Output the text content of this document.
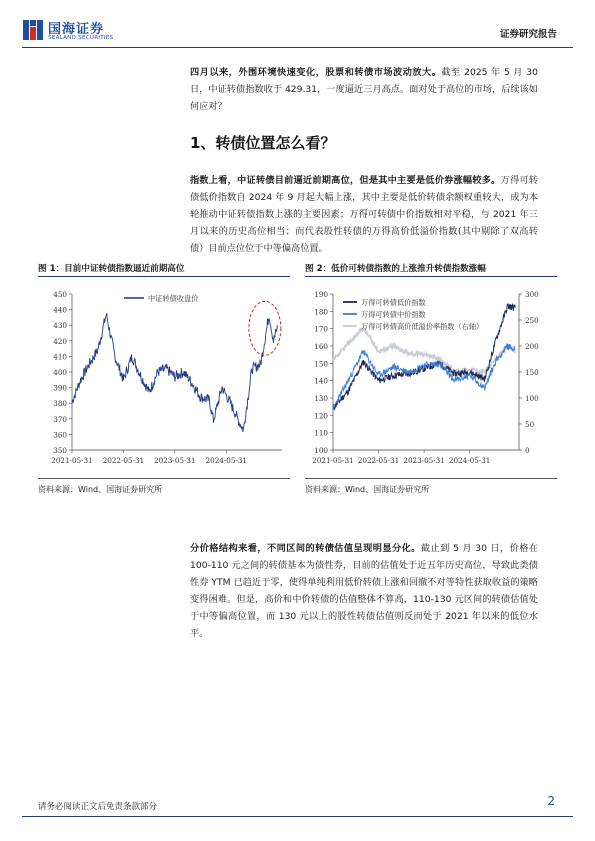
国海证券
SEALAND SECURITIES	证券研究报告
四月以来，外围环境快速变化，股票和转债市场波动放大。截至 2025 年 5 月 30 日，中证转债指数收于 429.31，一度逼近三月高点。面对处于高位的市场，后续该如何应对？
1、转债位置怎么看？
指数上看，中证转债目前逼近前期高位，但是其中主要是低价券涨幅较多。万得可转债低价指数自 2024 年 9 月起大幅上涨，其中主要是低价转债余额权重较大，成为本轮推动中证转债指数上涨的主要因素；万得可转债中价指数相对平稳，与 2021 年三月以来的历史高位相当；而代表股性转债的万得高价低溢价指数(其中剔除了双高转债）目前点位位于中等偏高位置。
图 1：目前中证转债指数逼近前期高位	图 2：低价可转债指数的上涨推升转债指数涨幅
450
440
430
420
410
400
390
380
370
360
350
2021-05-31 2022-05-31 2023-05-31 2024-05-31
中证转债收盘价	190
180
170
160
150
140
130
120
110
100
300
250
200
150
100
50
0
2021-05-31 2022-05-31 2023-05-31 2024-05-31
万得可转债低价指数
万得可转债中价指数
万得可转债高价低溢价率指数（右轴）
资料来源：Wind、国海证券研究所	资料来源：Wind、国海证券研究所
分价格结构来看，不同区间的转债估值呈现明显分化。截止到 5 月 30 日，价格在 100-110 元之间的转债基本为债性券，目前的估值处于近五年历史高位，导致此类债性券 YTM 已趋近于零，使得单纯利用低价转债上涨和回撤不对等特性获取收益的策略变得困难。但是，高价和中价转债的估值整体不算高，110-130 元区间的转债估值处于中等偏高位置，而 130 元以上的股性转债估值则反而处于 2021 年以来的低位水平。
请务必阅读正文后免责条款部分	2
